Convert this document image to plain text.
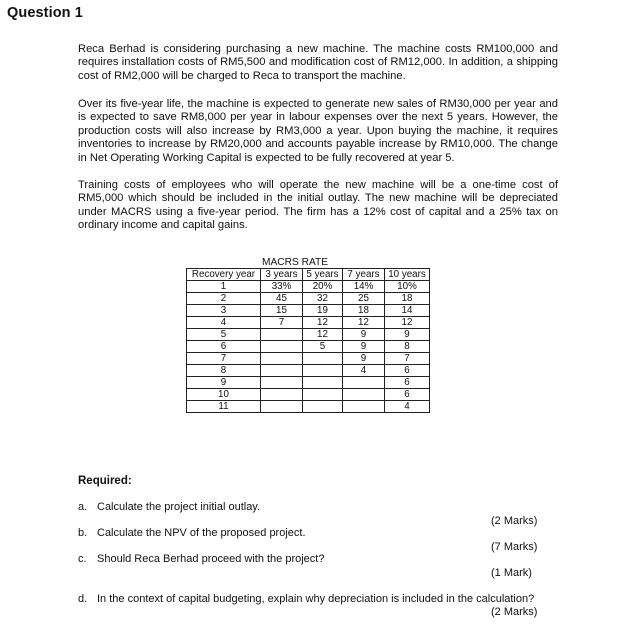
Question 1

Reca Berhad is considering purchasing a new machine. The machine costs RM100,000 and requires installation costs of RM5,500 and modification cost of RM12,000. In addition, a shipping cost of RM2,000 will be charged to Reca to transport the machine.

Over its five-year life, the machine is expected to generate new sales of RM30,000 per year and is expected to save RM8,000 per year in labour expenses over the next 5 years. However, the production costs will also increase by RM3,000 a year. Upon buying the machine, it requires inventories to increase by RM20,000 and accounts payable increase by RM10,000. The change in Net Operating Working Capital is expected to be fully recovered at year 5.

Training costs of employees who will operate the new machine will be a one-time cost of RM5,000 which should be included in the initial outlay. The new machine will be depreciated under MACRS using a five-year period. The firm has a 12% cost of capital and a 25% tax on ordinary income and capital gains.

MACRS RATE
Recovery year	3 years	5 years	7 years	10 years
1	33%	20%	14%	10%
2	45	32	25	18
3	15	19	18	14
4	7	12	12	12
5		12	9	9
6		5	9	8
7			9	7
8			4	6
9				6
10				6
11				4
Required:
a. Calculate the project initial outlay.
(2 Marks)
b. Calculate the NPV of the proposed project.
(7 Marks)
c. Should Reca Berhad proceed with the project?
(1 Mark)
d. In the context of capital budgeting, explain why depreciation is included in the calculation?
(2 Marks)
